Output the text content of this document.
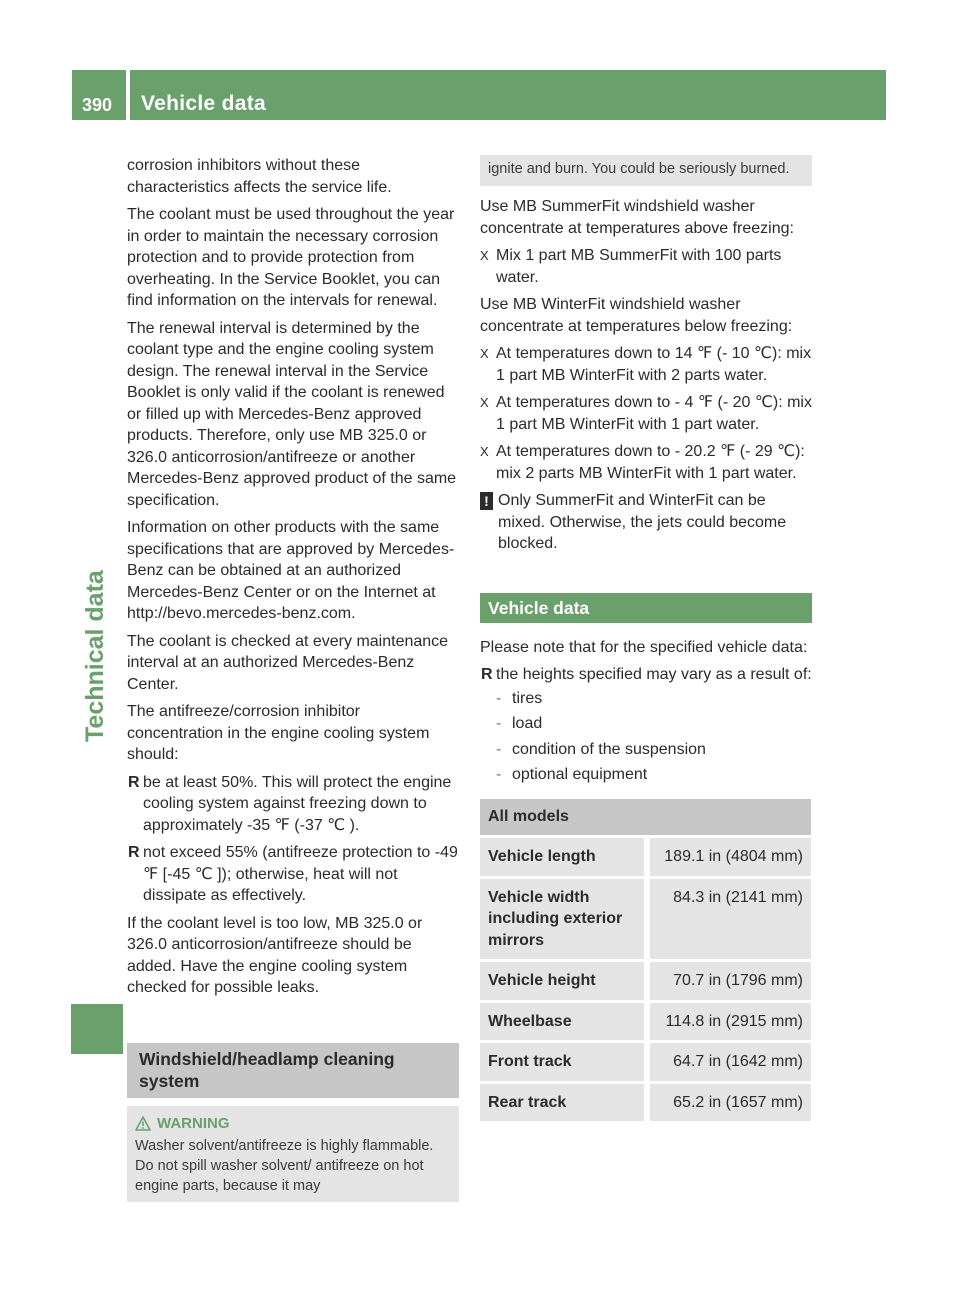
390 Vehicle data
Technical data

corrosion inhibitors without these characteristics affects the service life.

The coolant must be used throughout the year in order to maintain the necessary corrosion protection and to provide protection from overheating. In the Service Booklet, you can find information on the intervals for renewal.

The renewal interval is determined by the coolant type and the engine cooling system design. The renewal interval in the Service Booklet is only valid if the coolant is renewed or filled up with Mercedes-Benz approved products. Therefore, only use MB 325.0 or 326.0 anticorrosion/antifreeze or another Mercedes-Benz approved product of the same specification.

Information on other products with the same specifications that are approved by Mercedes-Benz can be obtained at an authorized Mercedes-Benz Center or on the Internet at http://bevo.mercedes-benz.com.

The coolant is checked at every maintenance interval at an authorized Mercedes-Benz Center.

The antifreeze/corrosion inhibitor concentration in the engine cooling system should:

R be at least 50%. This will protect the engine cooling system against freezing down to approximately -35 ℉ (-37 ℃ ).
R not exceed 55% (antifreeze protection to -49 ℉ [-45 ℃ ]); otherwise, heat will not dissipate as effectively.

If the coolant level is too low, MB 325.0 or 326.0 anticorrosion/antifreeze should be added. Have the engine cooling system checked for possible leaks.

Windshield/headlamp cleaning system
WARNING
Washer solvent/antifreeze is highly flammable. Do not spill washer solvent/ antifreeze on hot engine parts, because it may
ignite and burn. You could be seriously burned.

Use MB SummerFit windshield washer concentrate at temperatures above freezing:

X Mix 1 part MB SummerFit with 100 parts water.

Use MB WinterFit windshield washer concentrate at temperatures below freezing:

X At temperatures down to 14 ℉ (- 10 ℃): mix 1 part MB WinterFit with 2 parts water.
X At temperatures down to - 4 ℉ (- 20 ℃): mix 1 part MB WinterFit with 1 part water.
X At temperatures down to - 20.2 ℉ (- 29 ℃): mix 2 parts MB WinterFit with 1 part water.
! Only SummerFit and WinterFit can be mixed. Otherwise, the jets could become blocked.
Vehicle data

Please note that for the specified vehicle data:

R the heights specified may vary as a result of:
- tires
- load
- condition of the suspension
- optional equipment
All models		
Vehicle length		189.1 in (4804 mm)
Vehicle width including exterior mirrors		84.3 in (2141 mm)
Vehicle height		70.7 in (1796 mm)
Wheelbase		114.8 in (2915 mm)
Front track		64.7 in (1642 mm)
Rear track		65.2 in (1657 mm)
